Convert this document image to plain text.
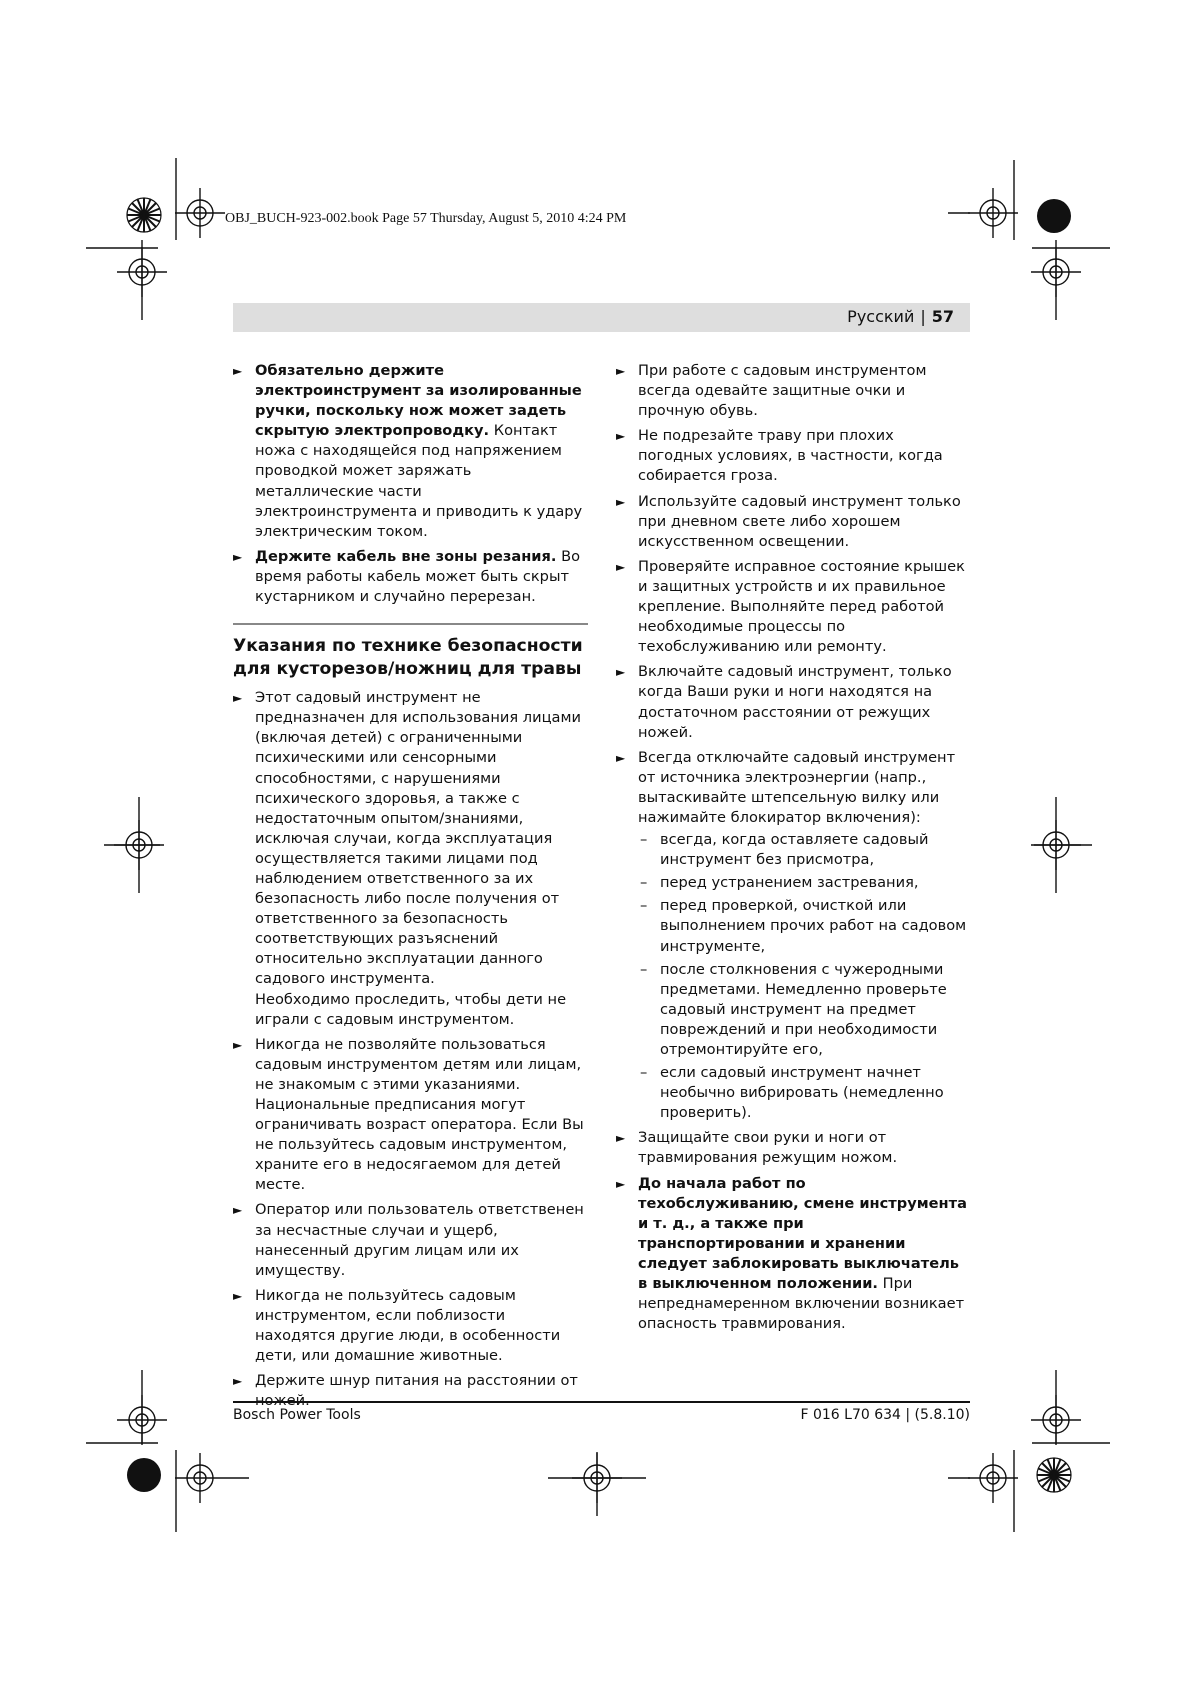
OBJ_BUCH-923-002.book Page 57 Thursday, August 5, 2010 4:24 PM
Русский | 57
► Обязательно держите электроинструмент за изолированные ручки, поскольку нож может задеть скрытую электропроводку. Контакт ножа с находящейся под напряжением проводкой может заряжать металлические части электроинструмента и приводить к удару электрическим током.
► Держите кабель вне зоны резания. Во время работы кабель может быть скрыт кустарником и случайно перерезан.
Указания по технике безопасности для кусторезов/ножниц для травы
► Этот садовый инструмент не предназначен для использования лицами (включая детей) с ограниченными психическими или сенсорными способностями, с нарушениями психического здоровья, а также с недостаточным опытом/знаниями, исключая случаи, когда эксплуатация осуществляется такими лицами под наблюдением ответственного за их безопасность либо после получения от ответственного за безопасность соответствующих разъяснений относительно эксплуатации данного садового инструмента.
Необходимо проследить, чтобы дети не играли с садовым инструментом.
► Никогда не позволяйте пользоваться садовым инструментом детям или лицам, не знакомым с этими указаниями. Национальные предписания могут ограничивать возраст оператора. Если Вы не пользуйтесь садовым инструментом, храните его в недосягаемом для детей месте.
► Оператор или пользователь ответственен за несчастные случаи и ущерб, нанесенный другим лицам или их имуществу.
► Никогда не пользуйтесь садовым инструментом, если поблизости находятся другие люди, в особенности дети, или домашние животные.
► Держите шнур питания на расстоянии от ножей.
► При работе с садовым инструментом всегда одевайте защитные очки и прочную обувь.
► Не подрезайте траву при плохих погодных условиях, в частности, когда собирается гроза.
► Используйте садовый инструмент только при дневном свете либо хорошем искусственном освещении.
► Проверяйте исправное состояние крышек и защитных устройств и их правильное крепление. Выполняйте перед работой необходимые процессы по техобслуживанию или ремонту.
► Включайте садовый инструмент, только когда Ваши руки и ноги находятся на достаточном расстоянии от режущих ножей.
► Всегда отключайте садовый инструмент от источника электроэнергии (напр., вытаскивайте штепсельную вилку или нажимайте блокиратор включения):
– всегда, когда оставляете садовый инструмент без присмотра,
– перед устранением застревания,
– перед проверкой, очисткой или выполнением прочих работ на садовом инструменте,
– после столкновения с чужеродными предметами. Немедленно проверьте садовый инструмент на предмет повреждений и при необходимости отремонтируйте его,
– если садовый инструмент начнет необычно вибрировать (немедленно проверить).
► Защищайте свои руки и ноги от травмирования режущим ножом.
► До начала работ по техобслуживанию, смене инструмента и т. д., а также при транспортировании и хранении следует заблокировать выключатель в выключенном положении. При непреднамеренном включении возникает опасность травмирования.
Bosch Power Tools	F 016 L70 634 | (5.8.10)
